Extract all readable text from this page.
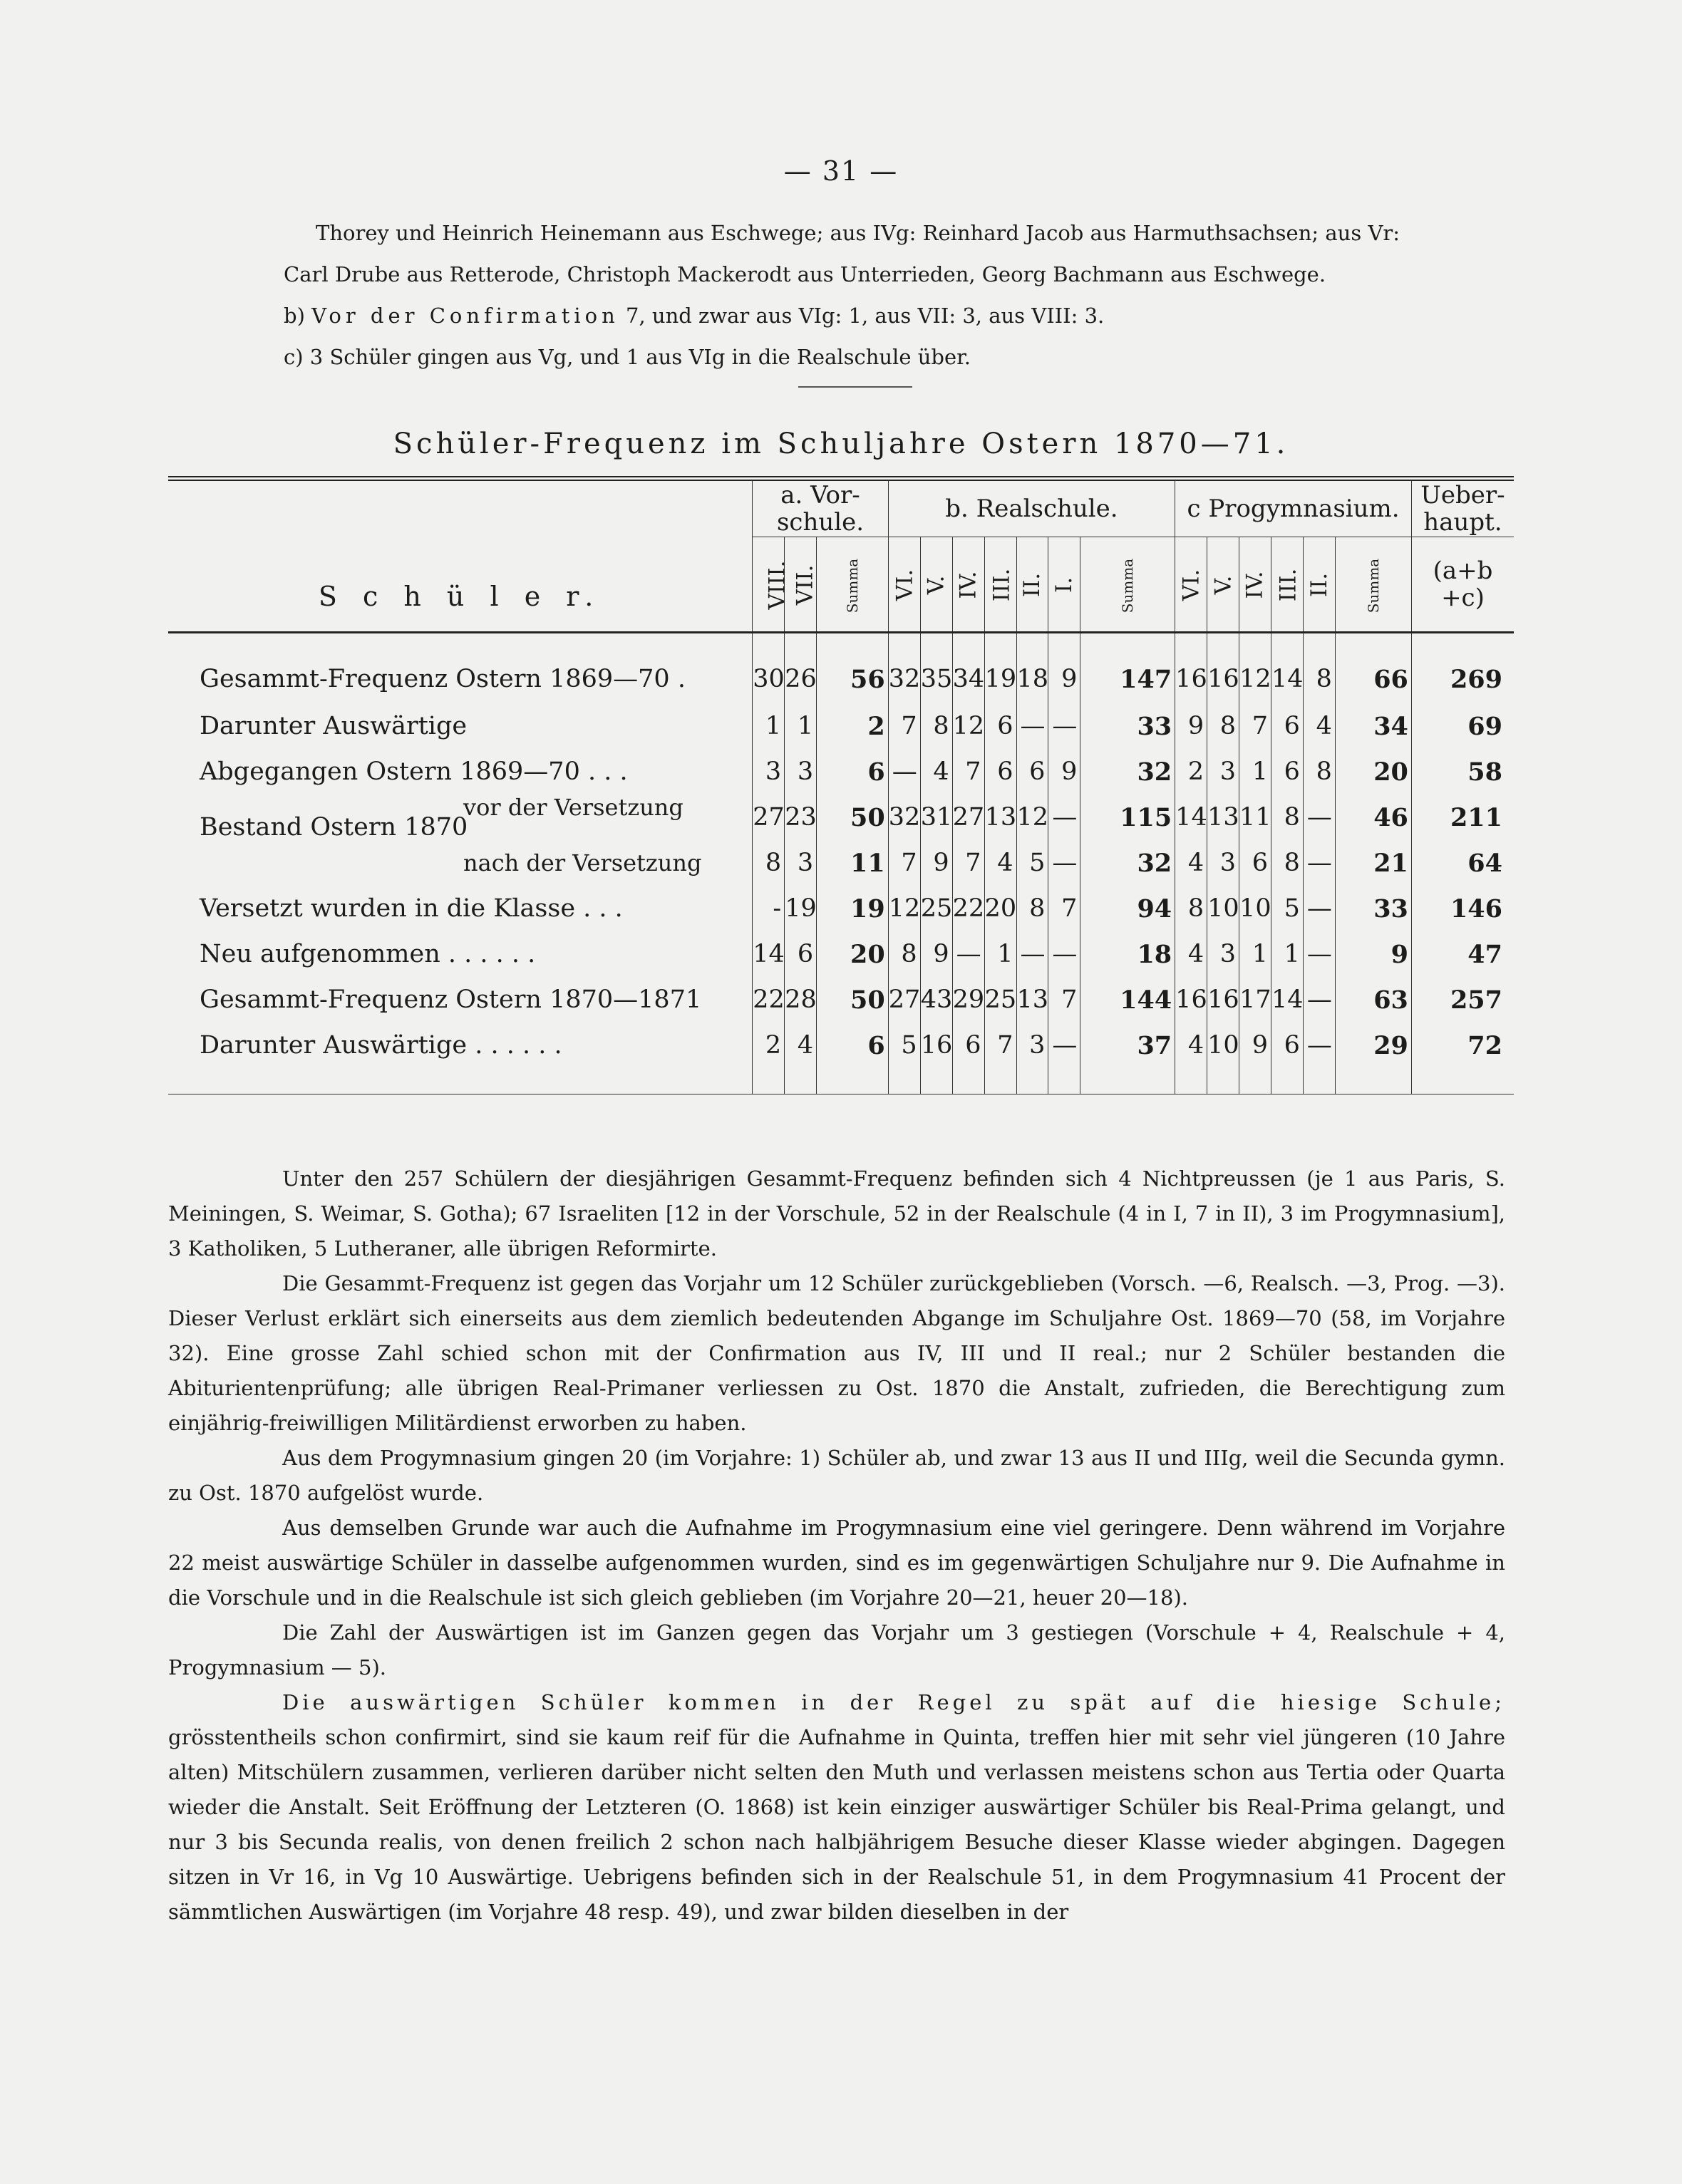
— 31 —

Thorey und Heinrich Heinemann aus Eschwege; aus IVg: Reinhard Jacob aus Harmuthsachsen; aus Vr:

Carl Drube aus Retterode, Christoph Mackerodt aus Unterrieden, Georg Bachmann aus Eschwege.

b) Vor der Confirmation 7, und zwar aus VIg: 1, aus VII: 3, aus VIII: 3.

c) 3 Schüler gingen aus Vg, und 1 aus VIg in die Realschule über.

Schüler-Frequenz im Schuljahre Ostern 1870—71.
S c h ü l e r.	a. Vor-schule.			b. Realschule.							c Progymnasium.						Ueber-haupt.
	VIII.	VII.	Summa	VI.	V.	IV.	III.	II.	I.	Summa	VI.	V.	IV.	III.	II.	Summa	(a+b +c)
Gesammt-Frequenz Ostern 1869—70 .	30	26	56	32	35	34	19	18	9	147	16	16	12	14	8	66	269
Darunter Auswärtige	1	1	2	7	8	12	6	—	—	33	9	8	7	6	4	34	69
Abgegangen Ostern 1869—70 . . .	3	3	6	—	4	7	6	6	9	32	2	3	1	6	8	20	58
Bestand Ostern 1870vor der Versetzung	27	23	50	32	31	27	13	12	—	115	14	13	11	8	—	46	211
nach der Versetzung	8	3	11	7	9	7	4	5	—	32	4	3	6	8	—	21	64
Versetzt wurden in die Klasse . . .	-	19	19	12	25	22	20	8	7	94	8	10	10	5	—	33	146
Neu aufgenommen . . . . . .	14	6	20	8	9	—	1	—	—	18	4	3	1	1	—	9	47
Gesammt-Frequenz Ostern 1870—1871	22	28	50	27	43	29	25	13	7	144	16	16	17	14	—	63	257
Darunter Auswärtige . . . . . .	2	4	6	5	16	6	7	3	—	37	4	10	9	6	—	29	72

Unter den 257 Schülern der diesjährigen Gesammt-Frequenz befinden sich 4 Nichtpreussen (je 1 aus Paris, S. Meiningen, S. Weimar, S. Gotha); 67 Israeliten [12 in der Vorschule, 52 in der Realschule (4 in I, 7 in II), 3 im Progymnasium], 3 Katholiken, 5 Lutheraner, alle übrigen Reformirte.

Die Gesammt-Frequenz ist gegen das Vorjahr um 12 Schüler zurückgeblieben (Vorsch. —6, Realsch. —3, Prog. —3). Dieser Verlust erklärt sich einerseits aus dem ziemlich bedeutenden Abgange im Schuljahre Ost. 1869—70 (58, im Vorjahre 32). Eine grosse Zahl schied schon mit der Confirmation aus IV, III und II real.; nur 2 Schüler bestanden die Abiturientenprüfung; alle übrigen Real-Primaner verliessen zu Ost. 1870 die Anstalt, zufrieden, die Berechtigung zum einjährig-freiwilligen Militärdienst erworben zu haben.

Aus dem Progymnasium gingen 20 (im Vorjahre: 1) Schüler ab, und zwar 13 aus II und IIIg, weil die Secunda gymn. zu Ost. 1870 aufgelöst wurde.

Aus demselben Grunde war auch die Aufnahme im Progymnasium eine viel geringere. Denn während im Vorjahre 22 meist auswärtige Schüler in dasselbe aufgenommen wurden, sind es im gegenwärtigen Schuljahre nur 9. Die Aufnahme in die Vorschule und in die Realschule ist sich gleich geblieben (im Vorjahre 20—21, heuer 20—18).

Die Zahl der Auswärtigen ist im Ganzen gegen das Vorjahr um 3 gestiegen (Vorschule + 4, Realschule + 4, Progymnasium — 5).

Die auswärtigen Schüler kommen in der Regel zu spät auf die hiesige Schule; grösstentheils schon confirmirt, sind sie kaum reif für die Aufnahme in Quinta, treffen hier mit sehr viel jüngeren (10 Jahre alten) Mitschülern zusammen, verlieren darüber nicht selten den Muth und verlassen meistens schon aus Tertia oder Quarta wieder die Anstalt. Seit Eröffnung der Letzteren (O. 1868) ist kein einziger auswärtiger Schüler bis Real-Prima gelangt, und nur 3 bis Secunda realis, von denen freilich 2 schon nach halbjährigem Besuche dieser Klasse wieder abgingen. Dagegen sitzen in Vr 16, in Vg 10 Auswärtige. Uebrigens befinden sich in der Realschule 51, in dem Progymnasium 41 Procent der sämmtlichen Auswärtigen (im Vorjahre 48 resp. 49), und zwar bilden dieselben in der
